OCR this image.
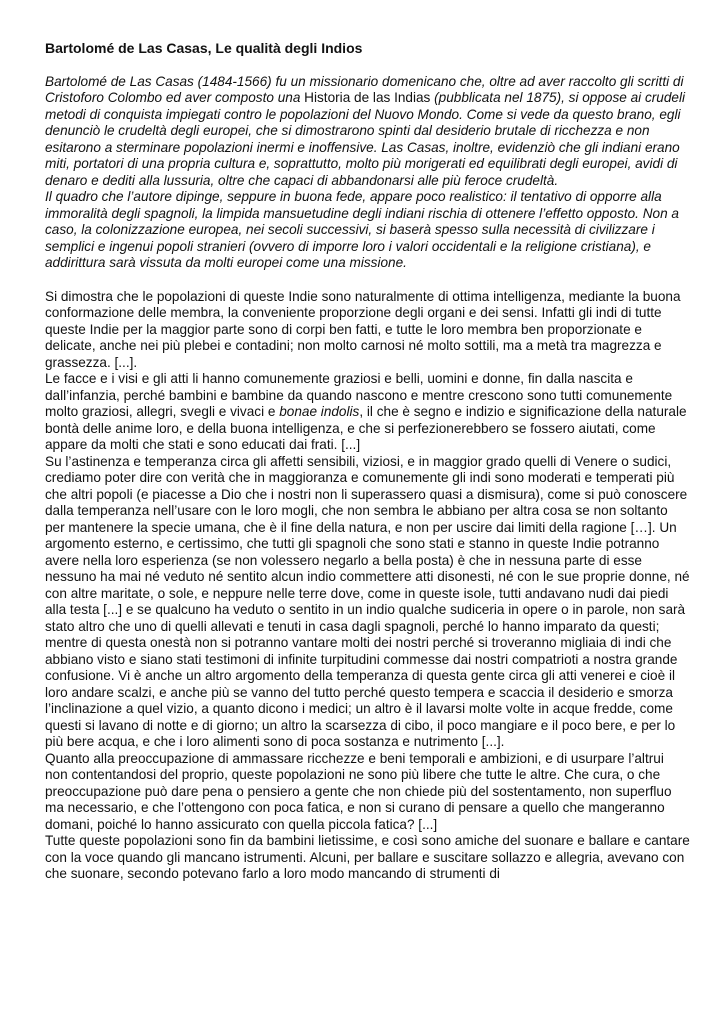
Bartolomé de Las Casas, Le qualità degli Indios

Bartolomé de Las Casas (1484-1566) fu un missionario domenicano che, oltre ad aver raccolto gli scritti di Cristoforo Colombo ed aver composto una Historia de las Indias (pubblicata nel 1875), si oppose ai crudeli metodi di conquista impiegati contro le popolazioni del Nuovo Mondo. Come si vede da questo brano, egli denunciò le crudeltà degli europei, che si dimostrarono spinti dal desiderio brutale di ricchezza e non esitarono a sterminare popolazioni inermi e inoffensive. Las Casas, inoltre, evidenziò che gli indiani erano miti, portatori di una propria cultura e, soprattutto, molto più morigerati ed equilibrati degli europei, avidi di denaro e dediti alla lussuria, oltre che capaci di abbandonarsi alle più feroce crudeltà.

Il quadro che l’autore dipinge, seppure in buona fede, appare poco realistico: il tentativo di opporre alla immoralità degli spagnoli, la limpida mansuetudine degli indiani rischia di ottenere l’effetto opposto. Non a caso, la colonizzazione europea, nei secoli successivi, si baserà spesso sulla necessità di civilizzare i semplici e ingenui popoli stranieri (ovvero di imporre loro i valori occidentali e la religione cristiana), e addirittura sarà vissuta da molti europei come una missione.

Si dimostra che le popolazioni di queste Indie sono naturalmente di ottima intelligenza, mediante la buona conformazione delle membra, la conveniente proporzione degli organi e dei sensi. Infatti gli indi di tutte queste Indie per la maggior parte sono di corpi ben fatti, e tutte le loro membra ben proporzionate e delicate, anche nei più plebei e contadini; non molto carnosi né molto sottili, ma a metà tra magrezza e grassezza. [...].

Le facce e i visi e gli atti li hanno comunemente graziosi e belli, uomini e donne, fin dalla nascita e dall’infanzia, perché bambini e bambine da quando nascono e mentre crescono sono tutti comunemente molto graziosi, allegri, svegli e vivaci e bonae indolis, il che è segno e indizio e significazione della naturale bontà delle anime loro, e della buona intelligenza, e che si perfezionerebbero se fossero aiutati, come appare da molti che stati e sono educati dai frati. [...]

Su l’astinenza e temperanza circa gli affetti sensibili, viziosi, e in maggior grado quelli di Venere o sudici, crediamo poter dire con verità che in maggioranza e comunemente gli indi sono moderati e temperati più che altri popoli (e piacesse a Dio che i nostri non li superassero quasi a dismisura), come si può conoscere dalla temperanza nell’usare con le loro mogli, che non sembra le abbiano per altra cosa se non soltanto per mantenere la specie umana, che è il fine della natura, e non per uscire dai limiti della ragione […]. Un argomento esterno, e certissimo, che tutti gli spagnoli che sono stati e stanno in queste Indie potranno avere nella loro esperienza (se non volessero negarlo a bella posta) è che in nessuna parte di esse nessuno ha mai né veduto né sentito alcun indio commettere atti disonesti, né con le sue proprie donne, né con altre maritate, o sole, e neppure nelle terre dove, come in queste isole, tutti andavano nudi dai piedi alla testa [...] e se qualcuno ha veduto o sentito in un indio qualche sudiceria in opere o in parole, non sarà stato altro che uno di quelli allevati e tenuti in casa dagli spagnoli, perché lo hanno imparato da questi; mentre di questa onestà non si potranno vantare molti dei nostri perché si troveranno migliaia di indi che abbiano visto e siano stati testimoni di infinite turpitudini commesse dai nostri compatrioti a nostra grande confusione. Vi è anche un altro argomento della temperanza di questa gente circa gli atti venerei e cioè il loro andare scalzi, e anche più se vanno del tutto perché questo tempera e scaccia il desiderio e smorza l’inclinazione a quel vizio, a quanto dicono i medici; un altro è il lavarsi molte volte in acque fredde, come questi si lavano di notte e di giorno; un altro la scarsezza di cibo, il poco mangiare e il poco bere, e per lo più bere acqua, e che i loro alimenti sono di poca sostanza e nutrimento [...].

Quanto alla preoccupazione di ammassare ricchezze e beni temporali e ambizioni, e di usurpare l’altrui non contentandosi del proprio, queste popolazioni ne sono più libere che tutte le altre. Che cura, o che preoccupazione può dare pena o pensiero a gente che non chiede più del sostentamento, non superfluo ma necessario, e che l’ottengono con poca fatica, e non si curano di pensare a quello che mangeranno domani, poiché lo hanno assicurato con quella piccola fatica? [...]

Tutte queste popolazioni sono fin da bambini lietissime, e così sono amiche del suonare e ballare e cantare con la voce quando gli mancano istrumenti. Alcuni, per ballare e suscitare sollazzo e allegria, avevano con che suonare, secondo potevano farlo a loro modo mancando di strumenti di
